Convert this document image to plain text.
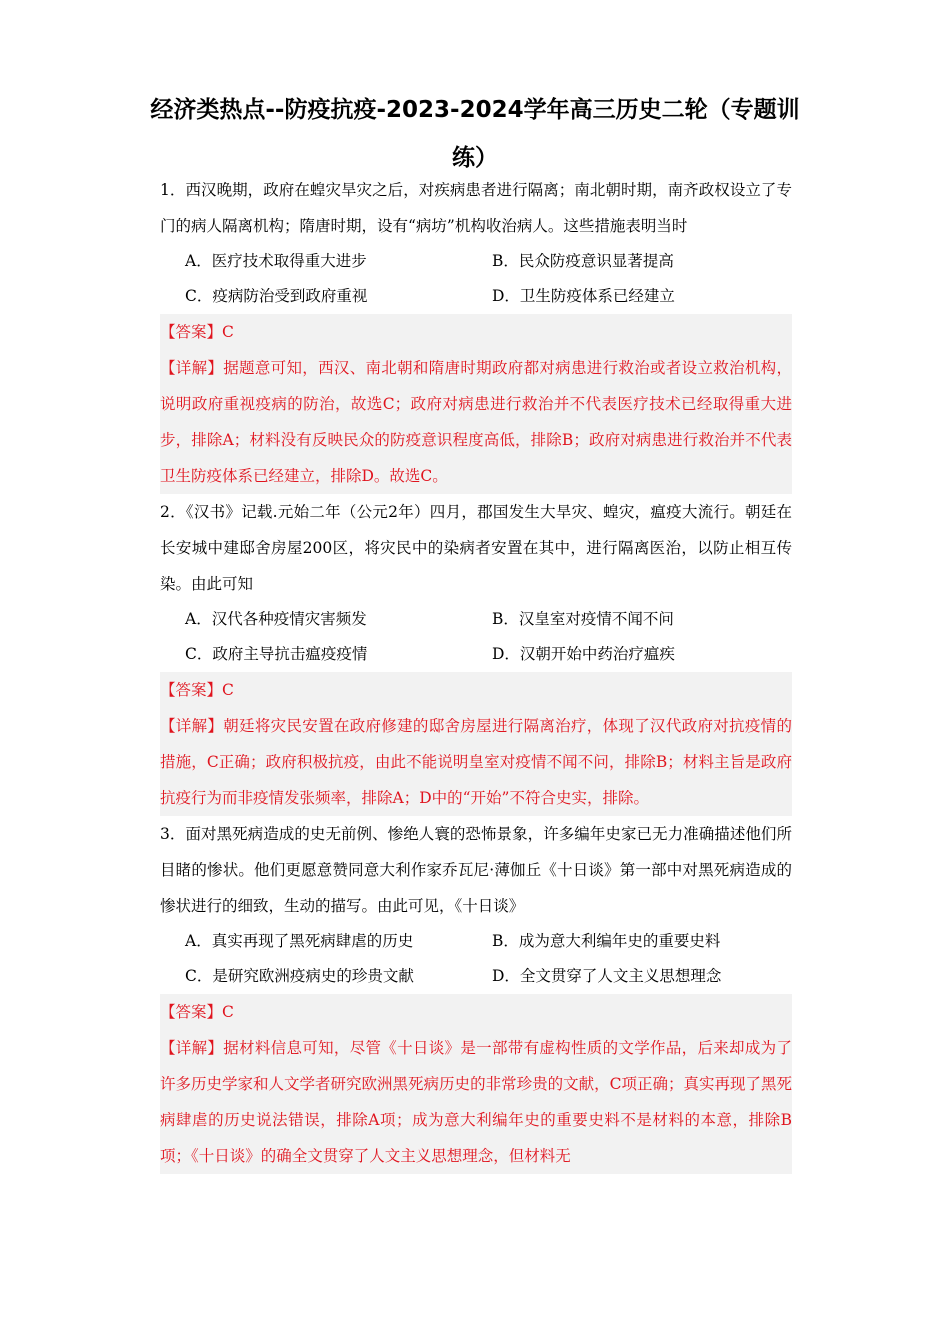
经济类热点--防疫抗疫-2023-2024学年高三历史二轮（专题训练）
1．西汉晚期，政府在蝗灾旱灾之后，对疾病患者进行隔离；南北朝时期，南齐政权设立了专门的病人隔离机构；隋唐时期，设有“病坊”机构收治病人。这些措施表明当时
A．医疗技术取得重大进步	B．民众防疫意识显著提高
C．疫病防治受到政府重视	D．卫生防疫体系已经建立
【答案】C
【详解】据题意可知，西汉、南北朝和隋唐时期政府都对病患进行救治或者设立救治机构，说明政府重视疫病的防治，故选C；政府对病患进行救治并不代表医疗技术已经取得重大进步，排除A；材料没有反映民众的防疫意识程度高低，排除B；政府对病患进行救治并不代表卫生防疫体系已经建立，排除D。故选C。
2．《汉书》记载.元始二年（公元2年）四月，郡国发生大旱灾、蝗灾，瘟疫大流行。朝廷在长安城中建邸舍房屋200区，将灾民中的染病者安置在其中，进行隔离医治，以防止相互传染。由此可知
A．汉代各种疫情灾害频发	B．汉皇室对疫情不闻不问
C．政府主导抗击瘟疫疫情	D．汉朝开始中药治疗瘟疾
【答案】C
【详解】朝廷将灾民安置在政府修建的邸舍房屋进行隔离治疗，体现了汉代政府对抗疫情的措施，C正确；政府积极抗疫，由此不能说明皇室对疫情不闻不问，排除B；材料主旨是政府抗疫行为而非疫情发张频率，排除A；D中的“开始”不符合史实，排除。
3．面对黑死病造成的史无前例、惨绝人寰的恐怖景象，许多编年史家已无力准确描述他们所目睹的惨状。他们更愿意赞同意大利作家乔瓦尼·薄伽丘《十日谈》第一部中对黑死病造成的惨状进行的细致，生动的描写。由此可见，《十日谈》
A．真实再现了黑死病肆虐的历史	B．成为意大利编年史的重要史料
C．是研究欧洲疫病史的珍贵文献	D．全文贯穿了人文主义思想理念
【答案】C
【详解】据材料信息可知，尽管《十日谈》是一部带有虚构性质的文学作品，后来却成为了许多历史学家和人文学者研究欧洲黑死病历史的非常珍贵的文献，C项正确；真实再现了黑死病肆虐的历史说法错误，排除A项；成为意大利编年史的重要史料不是材料的本意，排除B项；《十日谈》的确全文贯穿了人文主义思想理念，但材料无
